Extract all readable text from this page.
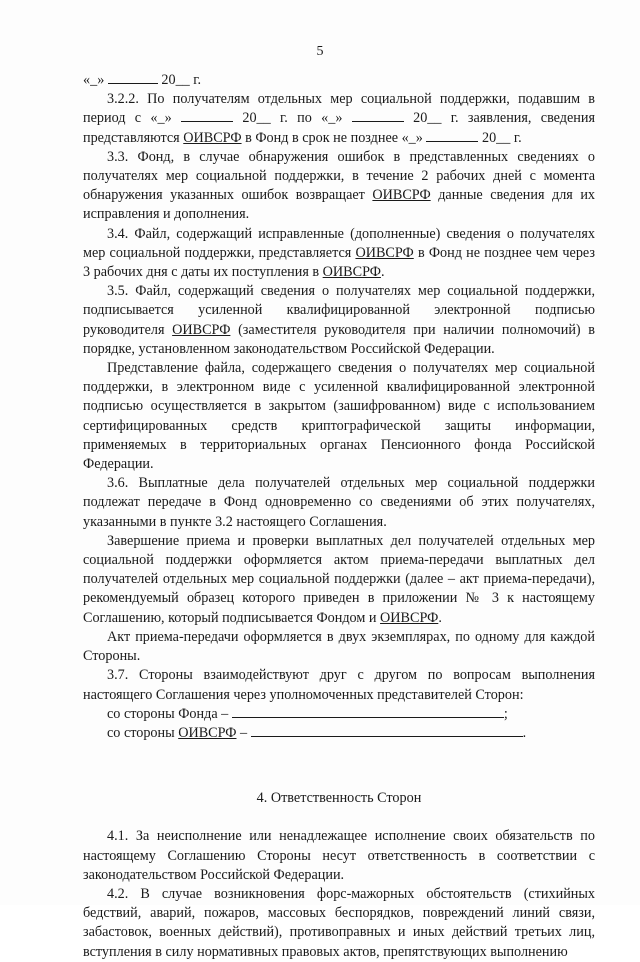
5

«_»	20__ г.

3.2.2. По получателям отдельных мер социальной поддержки, подавшим в период с «_»	20__ г. по «_»	20__ г. заявления, сведения представляются ОИВСРФ в Фонд в срок не позднее «_»	20__ г.

3.3. Фонд, в случае обнаружения ошибок в представленных сведениях о получателях мер социальной поддержки, в течение 2 рабочих дней с момента обнаружения указанных ошибок возвращает ОИВСРФ данные сведения для их исправления и дополнения.

3.4. Файл, содержащий исправленные (дополненные) сведения о получателях мер социальной поддержки, представляется ОИВСРФ в Фонд не позднее чем через 3 рабочих дня с даты их поступления в ОИВСРФ.

3.5. Файл, содержащий сведения о получателях мер социальной поддержки, подписывается усиленной квалифицированной электронной подписью руководителя ОИВСРФ (заместителя руководителя при наличии полномочий) в порядке, установленном законодательством Российской Федерации.

Представление файла, содержащего сведения о получателях мер социальной поддержки, в электронном виде с усиленной квалифицированной электронной подписью осуществляется в закрытом (зашифрованном) виде с использованием сертифицированных средств криптографической защиты информации, применяемых в территориальных органах Пенсионного фонда Российской Федерации.

3.6. Выплатные дела получателей отдельных мер социальной поддержки подлежат передаче в Фонд одновременно со сведениями об этих получателях, указанными в пункте 3.2 настоящего Соглашения.

Завершение приема и проверки выплатных дел получателей отдельных мер социальной поддержки оформляется актом приема-передачи выплатных дел получателей отдельных мер социальной поддержки (далее – акт приема-передачи), рекомендуемый образец которого приведен в приложении № 3 к настоящему Соглашению, который подписывается Фондом и ОИВСРФ.

Акт приема-передачи оформляется в двух экземплярах, по одному для каждой Стороны.

3.7. Стороны взаимодействуют друг с другом по вопросам выполнения настоящего Соглашения через уполномоченных представителей Сторон:

со стороны Фонда –	;

со стороны ОИВСРФ –	.

4. Ответственность Сторон

4.1. За неисполнение или ненадлежащее исполнение своих обязательств по настоящему Соглашению Стороны несут ответственность в соответствии с законодательством Российской Федерации.

4.2. В случае возникновения форс-мажорных обстоятельств (стихийных бедствий, аварий, пожаров, массовых беспорядков, повреждений линий связи, забастовок, военных действий), противоправных и иных действий третьих лиц, вступления в силу нормативных правовых актов, препятствующих выполнению
